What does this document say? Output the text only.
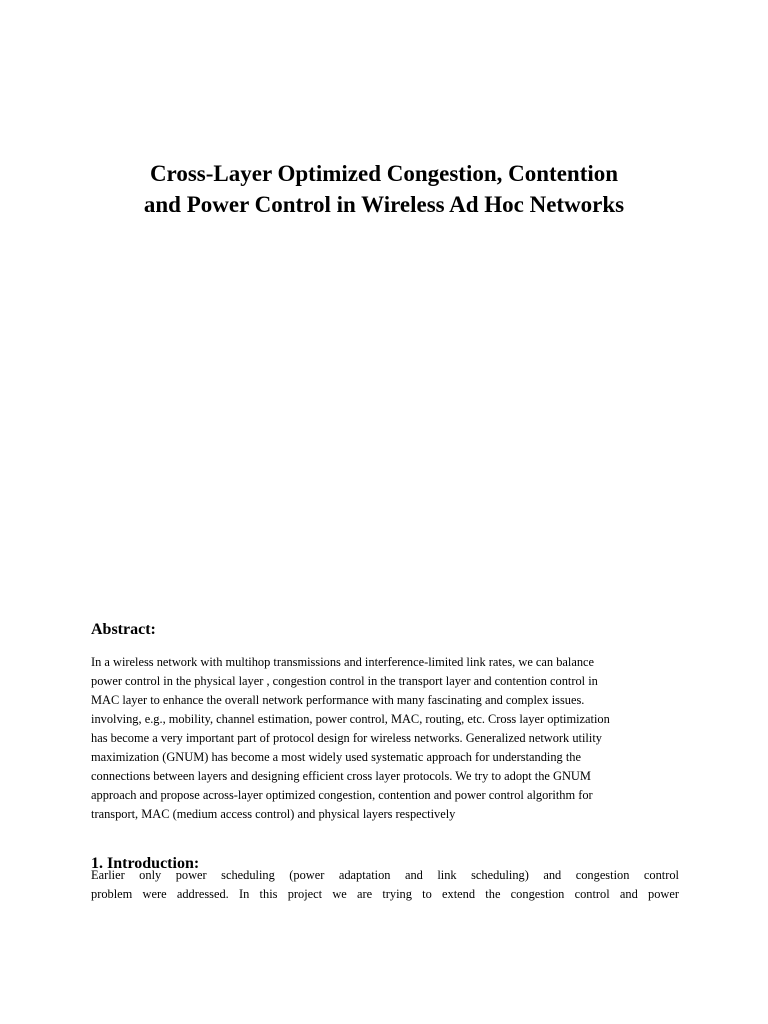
Cross-Layer Optimized Congestion, Contention
and Power Control in Wireless Ad Hoc Networks
Abstract:
In a wireless network with multihop transmissions and interference-limited link rates, we can balance
power control in the physical layer , congestion control in the transport layer and contention control in
MAC layer to enhance the overall network performance with many fascinating and complex issues.
involving, e.g., mobility, channel estimation, power control, MAC, routing, etc. Cross layer optimization
has become a very important part of protocol design for wireless networks. Generalized network utility
maximization (GNUM) has become a most widely used systematic approach for understanding the
connections between layers and designing efficient cross layer protocols. We try to adopt the GNUM
approach and propose across-layer optimized congestion, contention and power control algorithm for
transport, MAC (medium access control) and physical layers respectively
1. Introduction:
Earlier only power scheduling (power adaptation and link scheduling) and congestion control
problem were addressed. In this project we are trying to extend the congestion control and power
